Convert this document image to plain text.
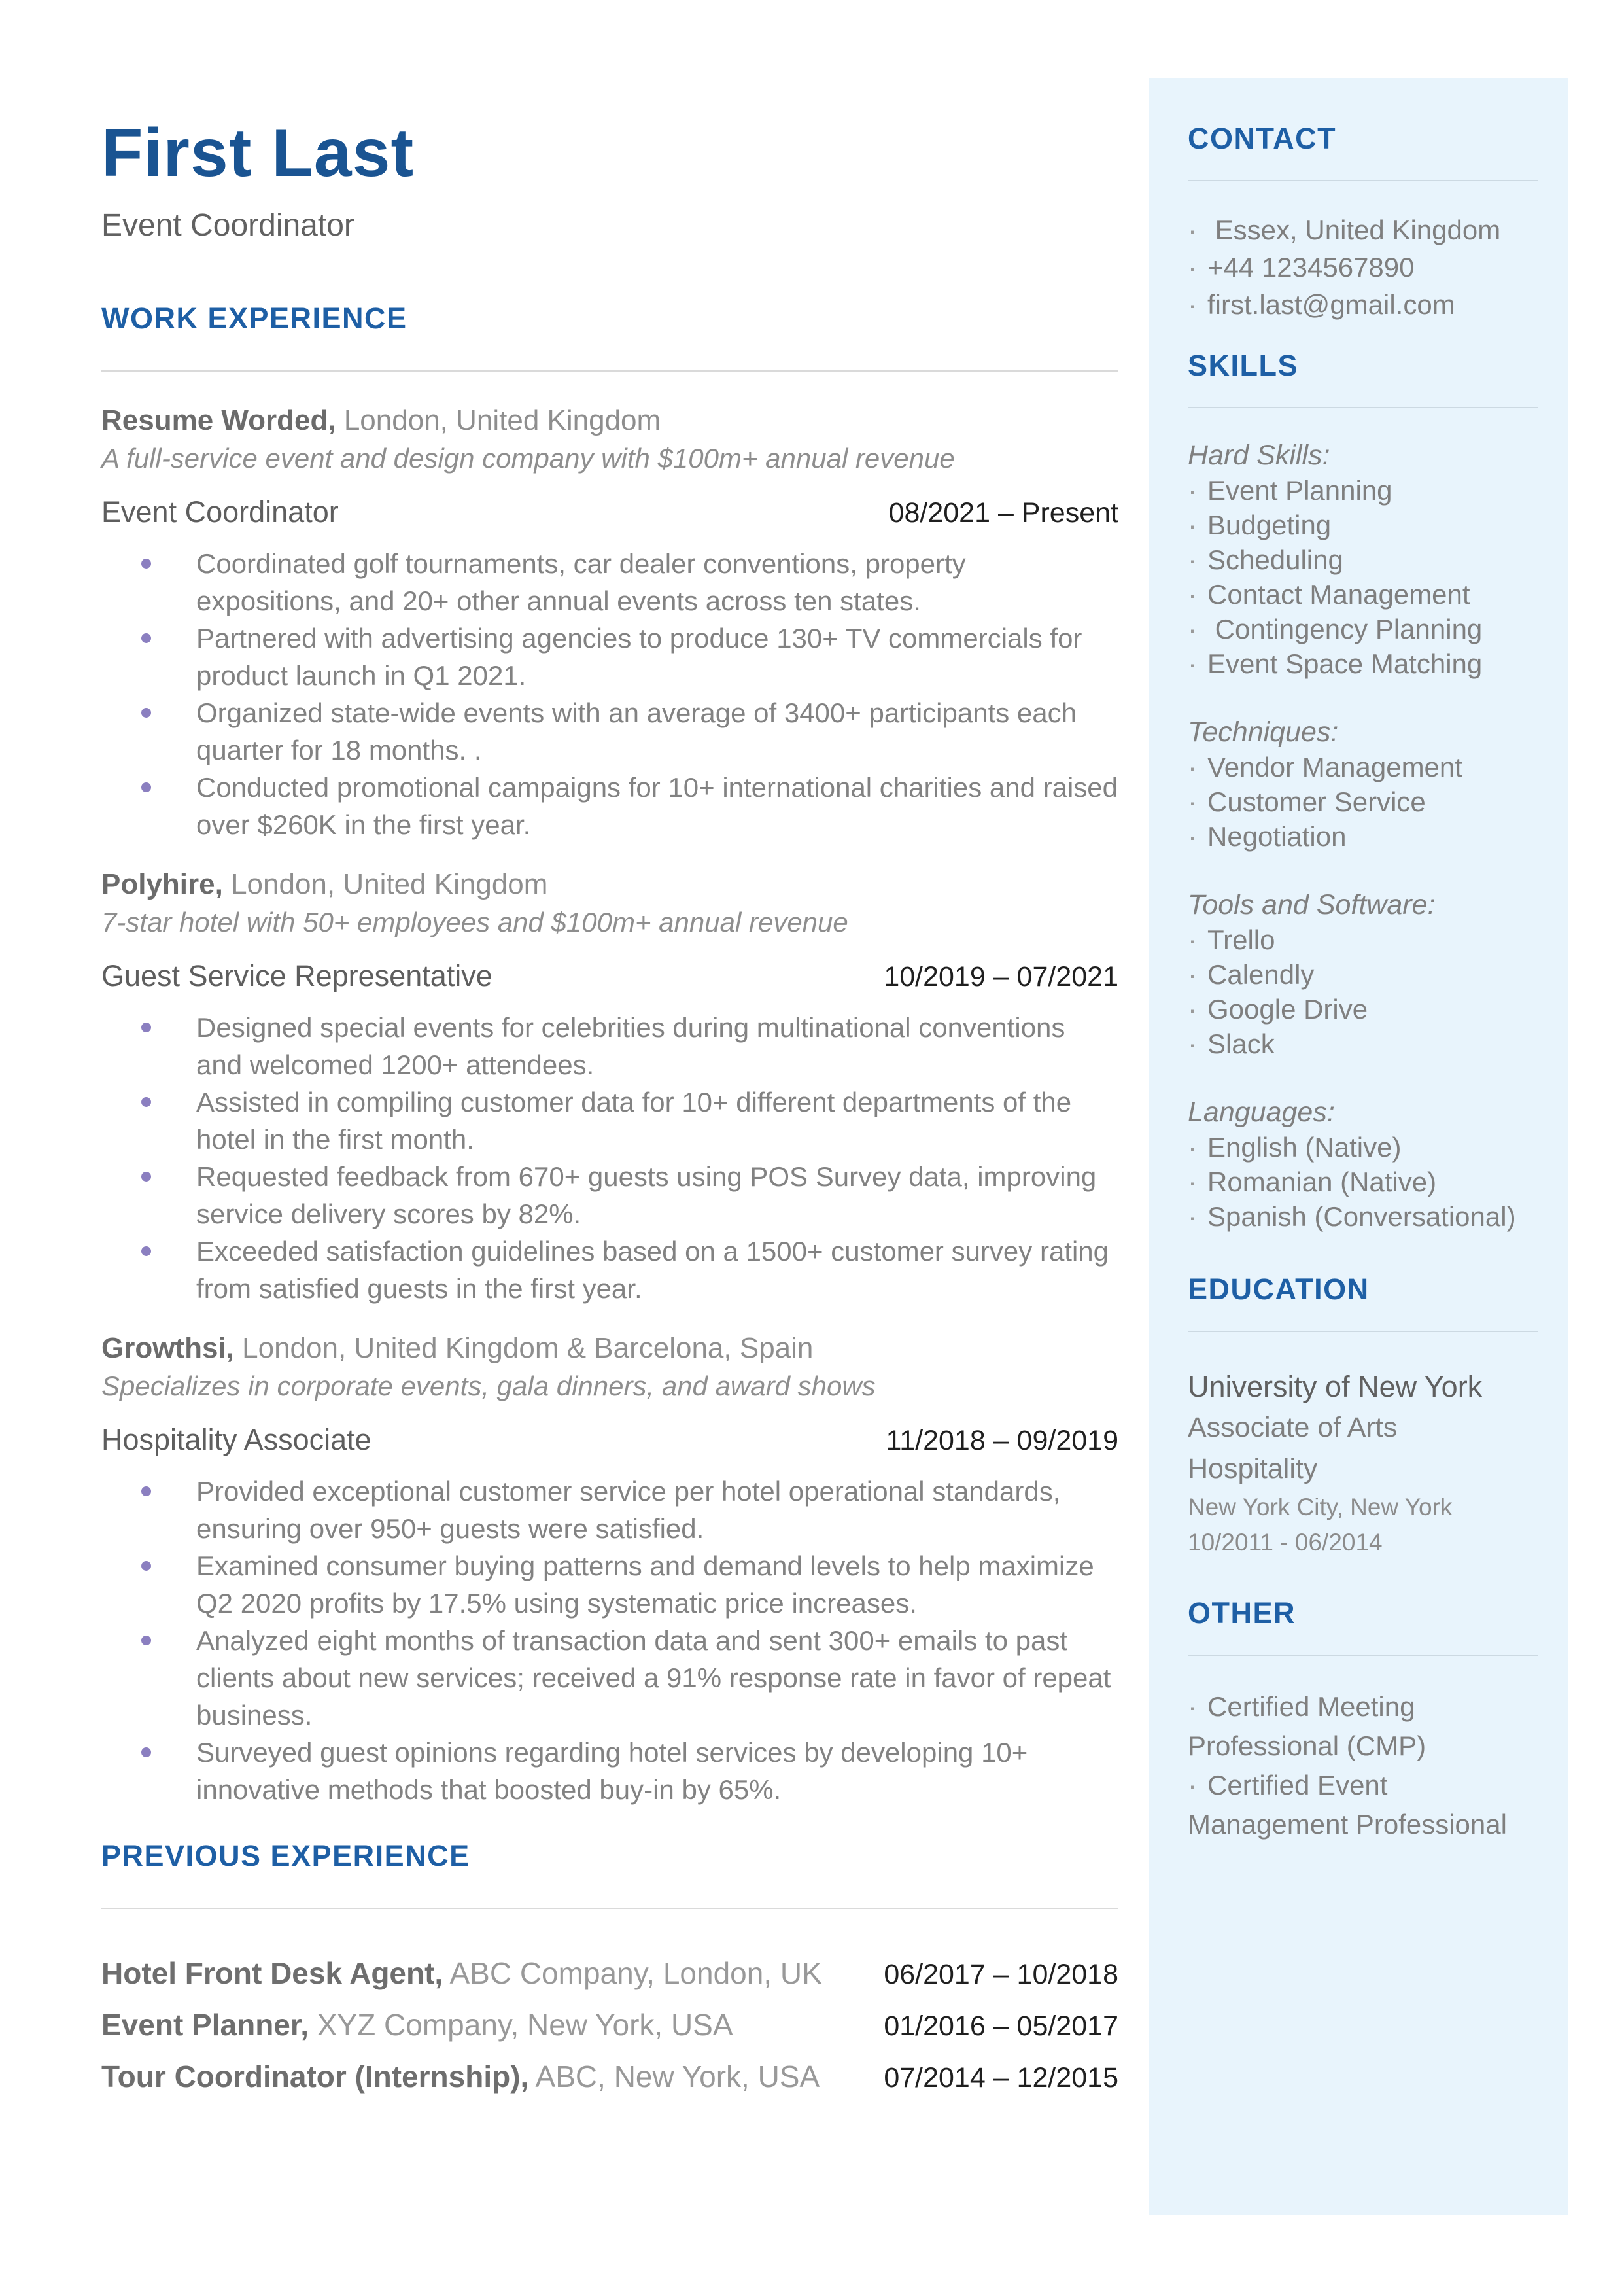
First Last
Event Coordinator
WORK EXPERIENCE
Resume Worded, London, United Kingdom
A full-service event and design company with $100m+ annual revenue
Event Coordinator	08/2021 – Present
Coordinated golf tournaments, car dealer conventions, property expositions, and 20+ other annual events across ten states.
Partnered with advertising agencies to produce 130+ TV commercials for product launch in Q1 2021.
Organized state-wide events with an average of 3400+ participants each quarter for 18 months. .
Conducted promotional campaigns for 10+ international charities and raised over $260K in the first year.
Polyhire, London, United Kingdom
7-star hotel with 50+ employees and $100m+ annual revenue
Guest Service Representative	10/2019 – 07/2021
Designed special events for celebrities during multinational conventions and welcomed 1200+ attendees.
Assisted in compiling customer data for 10+ different departments of the hotel in the first month.
Requested feedback from 670+ guests using POS Survey data, improving service delivery scores by 82%.
Exceeded satisfaction guidelines based on a 1500+ customer survey rating from satisfied guests in the first year.
Growthsi, London, United Kingdom & Barcelona, Spain
Specializes in corporate events, gala dinners, and award shows
Hospitality Associate	11/2018 – 09/2019
Provided exceptional customer service per hotel operational standards, ensuring over 950+ guests were satisfied.
Examined consumer buying patterns and demand levels to help maximize Q2 2020 profits by 17.5% using systematic price increases.
Analyzed eight months of transaction data and sent 300+ emails to past clients about new services; received a 91% response rate in favor of repeat business.
Surveyed guest opinions regarding hotel services by developing 10+ innovative methods that boosted buy-in by 65%.
PREVIOUS EXPERIENCE
Hotel Front Desk Agent, ABC Company, London, UK 06/2017 – 10/2018
Event Planner, XYZ Company, New York, USA	01/2016 – 05/2017
Tour Coordinator (Internship), ABC, New York, USA 07/2014 – 12/2015
CONTACT
· Essex, United Kingdom
· +44 1234567890
· first.last@gmail.com
SKILLS
Hard Skills:
· Event Planning
· Budgeting
· Scheduling
· Contact Management
· Contingency Planning
· Event Space Matching
Techniques:
· Vendor Management
· Customer Service
· Negotiation
Tools and Software:
· Trello
· Calendly
· Google Drive
· Slack
Languages:
· English (Native)
· Romanian (Native)
· Spanish (Conversational)
EDUCATION
University of New York
Associate of Arts
Hospitality
New York City, New York
10/2011 - 06/2014
OTHER
· Certified Meeting Professional (CMP)
· Certified Event Management Professional
